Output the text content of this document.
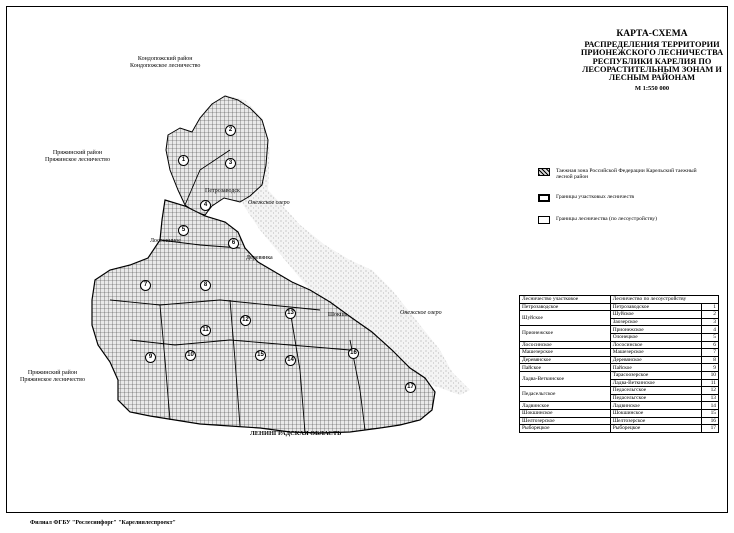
1
2
3
4
5
6
7	8
9	10
11
12
13
14
15	16
17
Кондопожский район
Кондопожское лесничество
Пряжинский район
Пряжинское лесничество
Пряжинский район
Пряжинское лесничество
ЛЕНИНГРАДСКАЯ ОБЛАСТЬ
Онежское озеро
Онежское озеро
Петрозаводск
Лососинное
Деревянка
Шокша
КАРТА-СХЕМА
РАСПРЕДЕЛЕНИЯ ТЕРРИТОРИИ ПРИОНЕЖСКОГО ЛЕСНИЧЕСТВА РЕСПУБЛИКИ КАРЕЛИЯ ПО ЛЕСОРАСТИТЕЛЬНЫМ ЗОНАМ И ЛЕСНЫМ РАЙОНАМ
М 1:550 000
Таежная зона Российской Федерации Карельский таежный лесной район
Границы участковых лесничеств
Границы лесничества (по лесоустройству)
Лесничество участковое	Лесничество по лесоустройству	
Петрозаводское	Петрозаводское	1
Шуйское	Шуйское	2
	Заозерское	3
Прионежское	Прионежское	4
	Олонецкое	5
Лососинское	Лососинское	6
Машезерское	Машезерское	7
Деревянское	Деревянское	8
Пайское	Пайское	9
Ладва-Веткинское	Тарасоозерское	10
	Ладва-Веткинское	11
Педасельгское	Педасельгское	12
	Педасельгское	13
Ладвинское	Ладвинское	14
Шокшинское	Шокшинское	15
Шелтозерское	Шелтозерское	16
Рыборецкое	Рыборецкое	17
Филиал ФГБУ "Рослесинфорг" "Карелиялеспроект"
